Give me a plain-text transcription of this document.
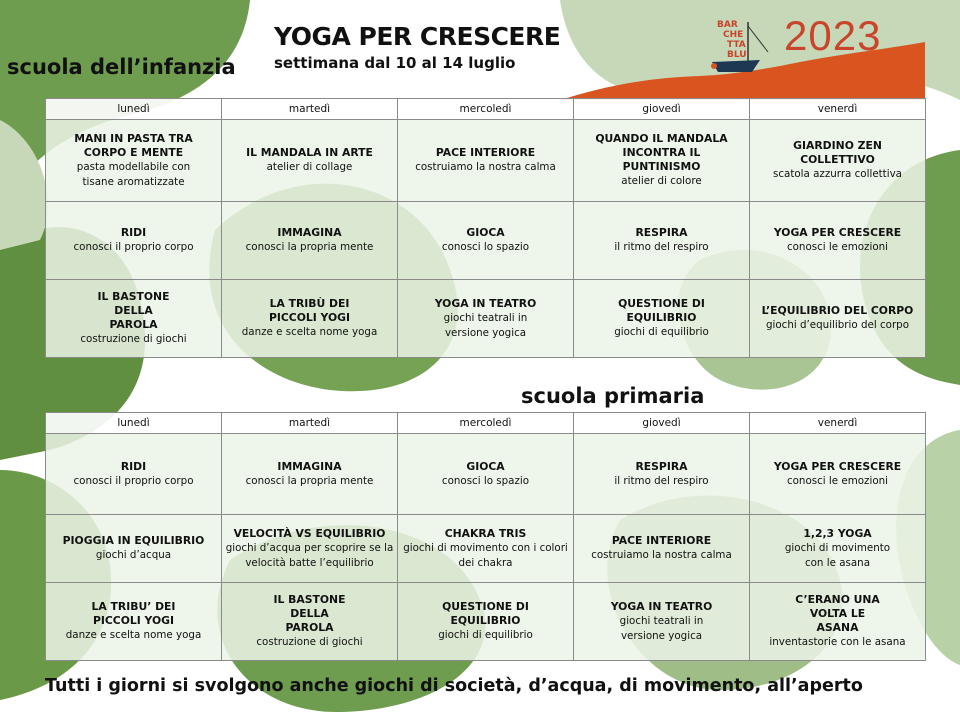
BAR
CHE
TTA
BLU 2023
YOGA PER CRESCERE
settimana dal 10 al 14 luglio
scuola dell’infanzia
scuola primaria
lunedì	martedì	mercoledì	giovedì	venerdì

MANI IN PASTA TRA CORPO E MENTE
pasta modellabile con tisane aromatizzate	IL MANDALA IN ARTE
atelier di collage	PACE INTERIORE
costruiamo la nostra calma	QUANDO IL MANDALA INCONTRA IL PUNTINISMO
atelier di colore	GIARDINO ZEN COLLETTIVO
scatola azzurra collettiva

RIDI
conosci il proprio corpo	IMMAGINA
conosci la propria mente	GIOCA
conosci lo spazio	RESPIRA
il ritmo del respiro	YOGA PER CRESCERE
conosci le emozioni

IL BASTONE DELLA PAROLA
costruzione di giochi	LA TRIBÙ DEI PICCOLI YOGI
danze e scelta nome yoga	YOGA IN TEATRO
giochi teatrali in versione yogica	QUESTIONE DI EQUILIBRIO
giochi di equilibrio	L’EQUILIBRIO DEL CORPO
giochi d’equilibrio del corpo
lunedì	martedì	mercoledì	giovedì	venerdì

RIDI
conosci il proprio corpo	IMMAGINA
conosci la propria mente	GIOCA
conosci lo spazio	RESPIRA
il ritmo del respiro	YOGA PER CRESCERE
conosci le emozioni

PIOGGIA IN EQUILIBRIO
giochi d’acqua	VELOCITÀ VS EQUILIBRIO
giochi d’acqua per scoprire se la velocità batte l’equilibrio	CHAKRA TRIS
giochi di movimento con i colori dei chakra	PACE INTERIORE
costruiamo la nostra calma	1,2,3 YOGA
giochi di movimento con le asana

LA TRIBU’ DEI PICCOLI YOGI
danze e scelta nome yoga	IL BASTONE DELLA PAROLA
costruzione di giochi	QUESTIONE DI EQUILIBRIO
giochi di equilibrio	YOGA IN TEATRO
giochi teatrali in versione yogica	C’ERANO UNA VOLTA LE ASANA
inventastorie con le asana
Tutti i giorni si svolgono anche giochi di società, d’acqua, di movimento, all’aperto
